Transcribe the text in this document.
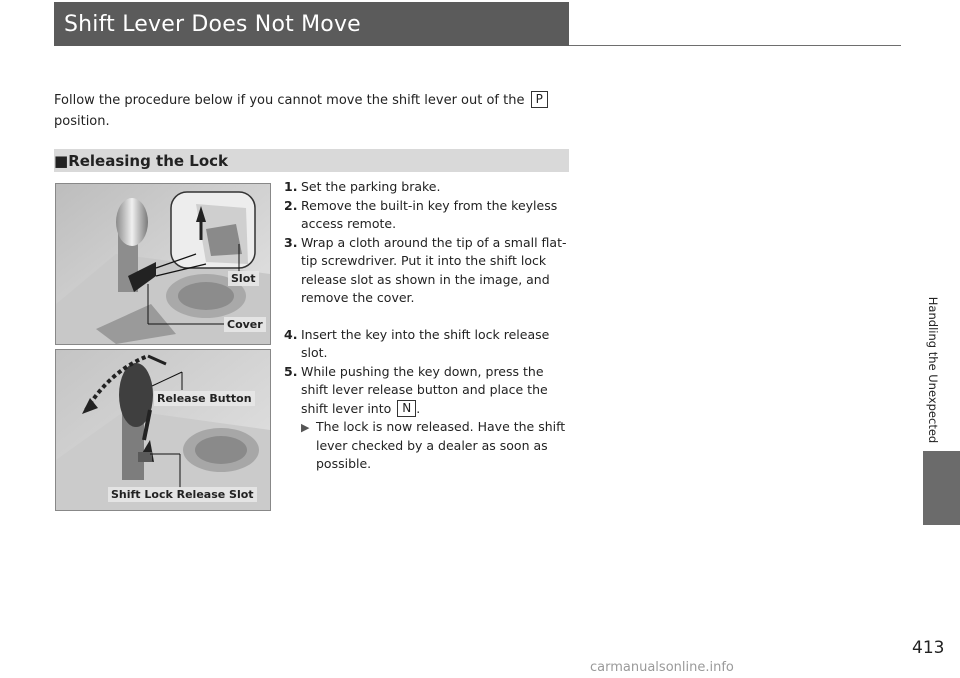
Shift Lever Does Not Move

Follow the procedure below if you cannot move the shift lever out of the P
position.

■Releasing the Lock
Slot
Cover
Release Button
Shift Lock Release Slot
1. Set the parking brake.
2. Remove the built-in key from the keyless access remote.
3. Wrap a cloth around the tip of a small flat-tip screwdriver. Put it into the shift lock release slot as shown in the image, and remove the cover.
4. Insert the key into the shift lock release slot.
5. While pushing the key down, press the shift lever release button and place the shift lever into N .
▶ The lock is now released. Have the shift lever checked by a dealer as soon as possible.
Handling the Unexpected
413
carmanualsonline.info
